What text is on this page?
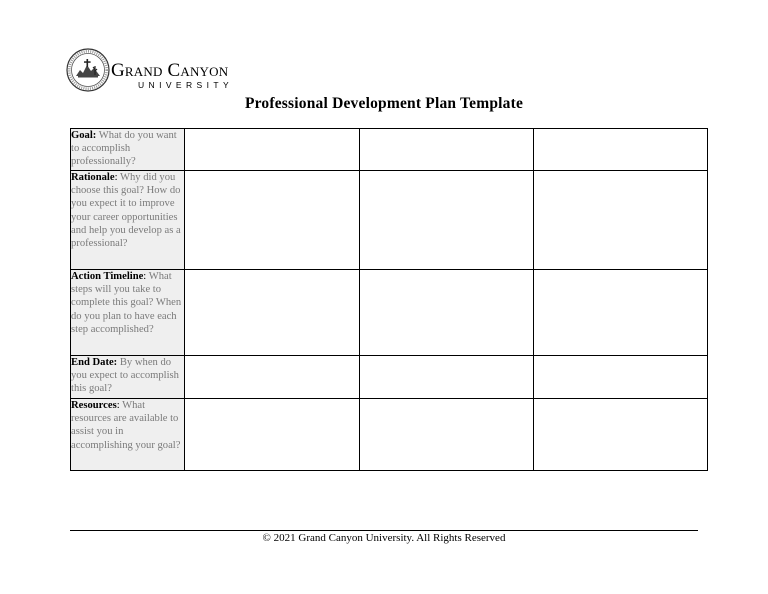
Grand Canyon
UNIVERSITY
Professional Development Plan Template
Goal: What do you want to accomplish professionally?			

Rationale: Why did you choose this goal? How do you expect it to improve your career opportunities and help you develop as a professional?			

Action Timeline: What steps will you take to complete this goal? When do you plan to have each step accomplished?			

End Date: By when do you expect to accomplish this goal?			

Resources: What resources are available to assist you in accomplishing your goal?			

© 2021 Grand Canyon University. All Rights Reserved
